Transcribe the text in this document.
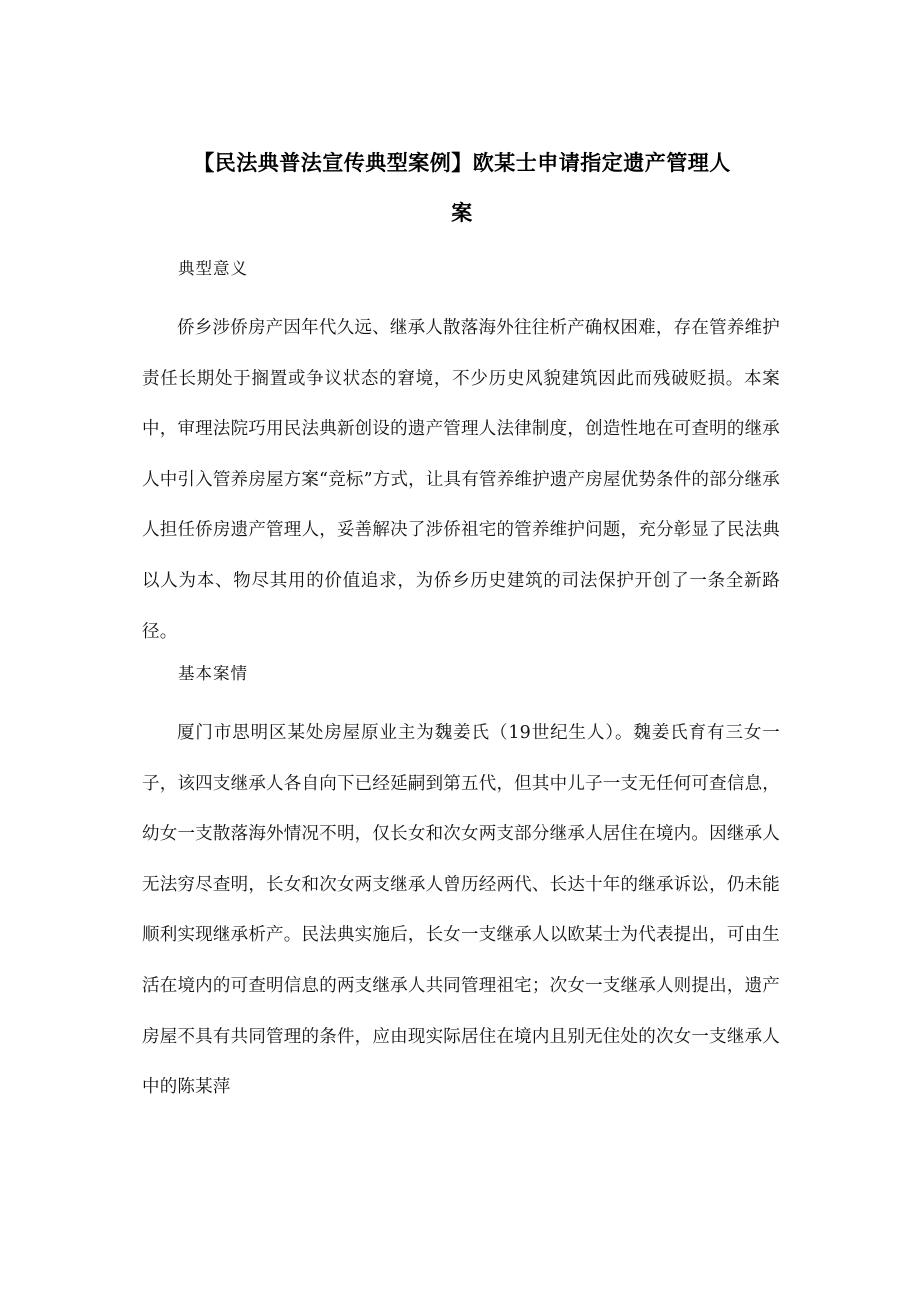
【民法典普法宣传典型案例】欧某士申请指定遗产管理人
案
典型意义
侨乡涉侨房产因年代久远、继承人散落海外往往析产确权困难，存在管养维护责任长期处于搁置或争议状态的窘境，不少历史风貌建筑因此而残破贬损。本案中，审理法院巧用民法典新创设的遗产管理人法律制度，创造性地在可查明的继承人中引入管养房屋方案“竞标”方式，让具有管养维护遗产房屋优势条件的部分继承人担任侨房遗产管理人，妥善解决了涉侨祖宅的管养维护问题，充分彰显了民法典以人为本、物尽其用的价值追求，为侨乡历史建筑的司法保护开创了一条全新路径。
基本案情
厦门市思明区某处房屋原业主为魏姜氏（19世纪生人）。魏姜氏育有三女一子，该四支继承人各自向下已经延嗣到第五代，但其中儿子一支无任何可查信息，幼女一支散落海外情况不明，仅长女和次女两支部分继承人居住在境内。因继承人无法穷尽查明，长女和次女两支继承人曾历经两代、长达十年的继承诉讼，仍未能顺利实现继承析产。民法典实施后，长女一支继承人以欧某士为代表提出，可由生活在境内的可查明信息的两支继承人共同管理祖宅；次女一支继承人则提出，遗产房屋不具有共同管理的条件，应由现实际居住在境内且别无住处的次女一支继承人中的陈某萍
